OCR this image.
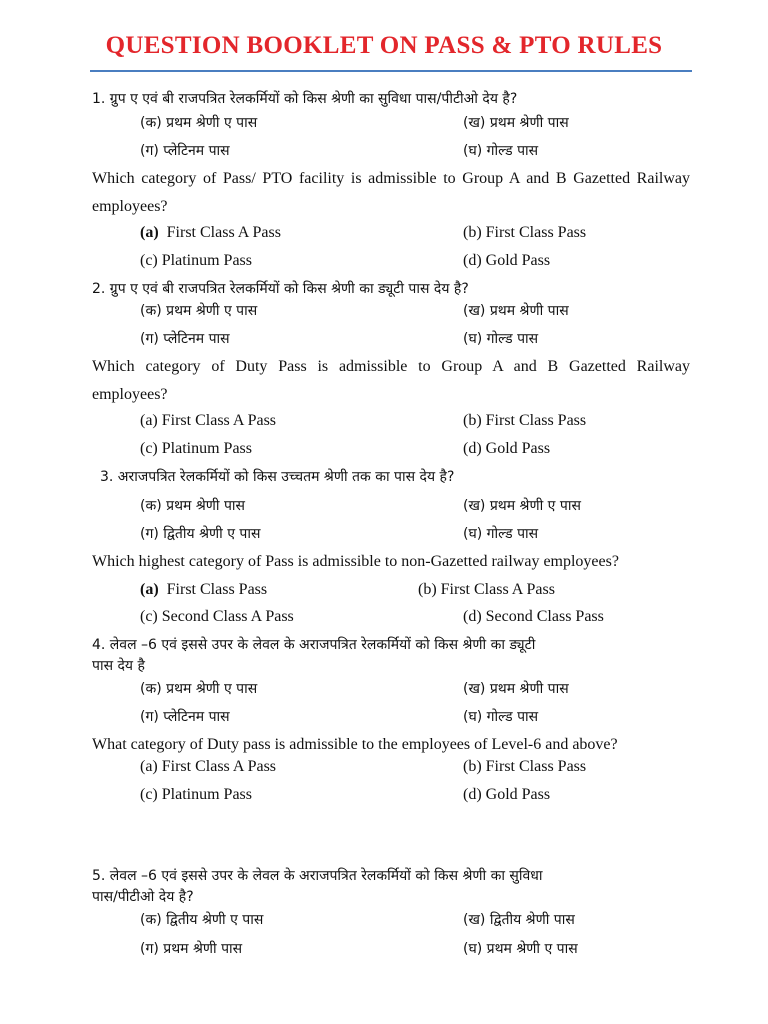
QUESTION BOOKLET ON PASS & PTO RULES
1. ग्रुप ए एवं बी राजपत्रित रेलकर्मियों को किस श्रेणी का सुविधा पास/पीटीओ देय है?
(क) प्रथम श्रेणी ए पास	(ख) प्रथम श्रेणी पास
(ग) प्लेटिनम पास	(घ) गोल्ड पास
Which category of Pass/ PTO facility is admissible to Group A and B Gazetted Railway
employees?
(a) First Class A Pass	(b) First Class Pass
(c) Platinum Pass	(d) Gold Pass
2. ग्रुप ए एवं बी राजपत्रित रेलकर्मियों को किस श्रेणी का ड्यूटी पास देय है?
(क) प्रथम श्रेणी ए पास	(ख) प्रथम श्रेणी पास
(ग) प्लेटिनम पास	(घ) गोल्ड पास
Which category of Duty Pass is admissible to Group A and B Gazetted Railway
employees?
(a) First Class A Pass	(b) First Class Pass
(c) Platinum Pass	(d) Gold Pass
3. अराजपत्रित रेलकर्मियों को किस उच्चतम श्रेणी तक का पास देय है?
(क) प्रथम श्रेणी पास	(ख) प्रथम श्रेणी ए पास
(ग) द्वितीय श्रेणी ए पास	(घ) गोल्ड पास
Which highest category of Pass is admissible to non-Gazetted railway employees?
(a) First Class Pass	(b) First Class A Pass
(c) Second Class A Pass	(d) Second Class Pass
4. लेवल –6 एवं इससे उपर के लेवल के अराजपत्रित रेलकर्मियों को किस श्रेणी का ड्यूटी
पास देय है
(क) प्रथम श्रेणी ए पास	(ख) प्रथम श्रेणी पास
(ग) प्लेटिनम पास	(घ) गोल्ड पास
What category of Duty pass is admissible to the employees of Level-6 and above?
(a) First Class A Pass	(b) First Class Pass
(c) Platinum Pass	(d) Gold Pass
5. लेवल –6 एवं इससे उपर के लेवल के अराजपत्रित रेलकर्मियों को किस श्रेणी का सुविधा
पास/पीटीओ देय है?
(क) द्वितीय श्रेणी ए पास	(ख) द्वितीय श्रेणी पास
(ग) प्रथम श्रेणी पास	(घ) प्रथम श्रेणी ए पास
